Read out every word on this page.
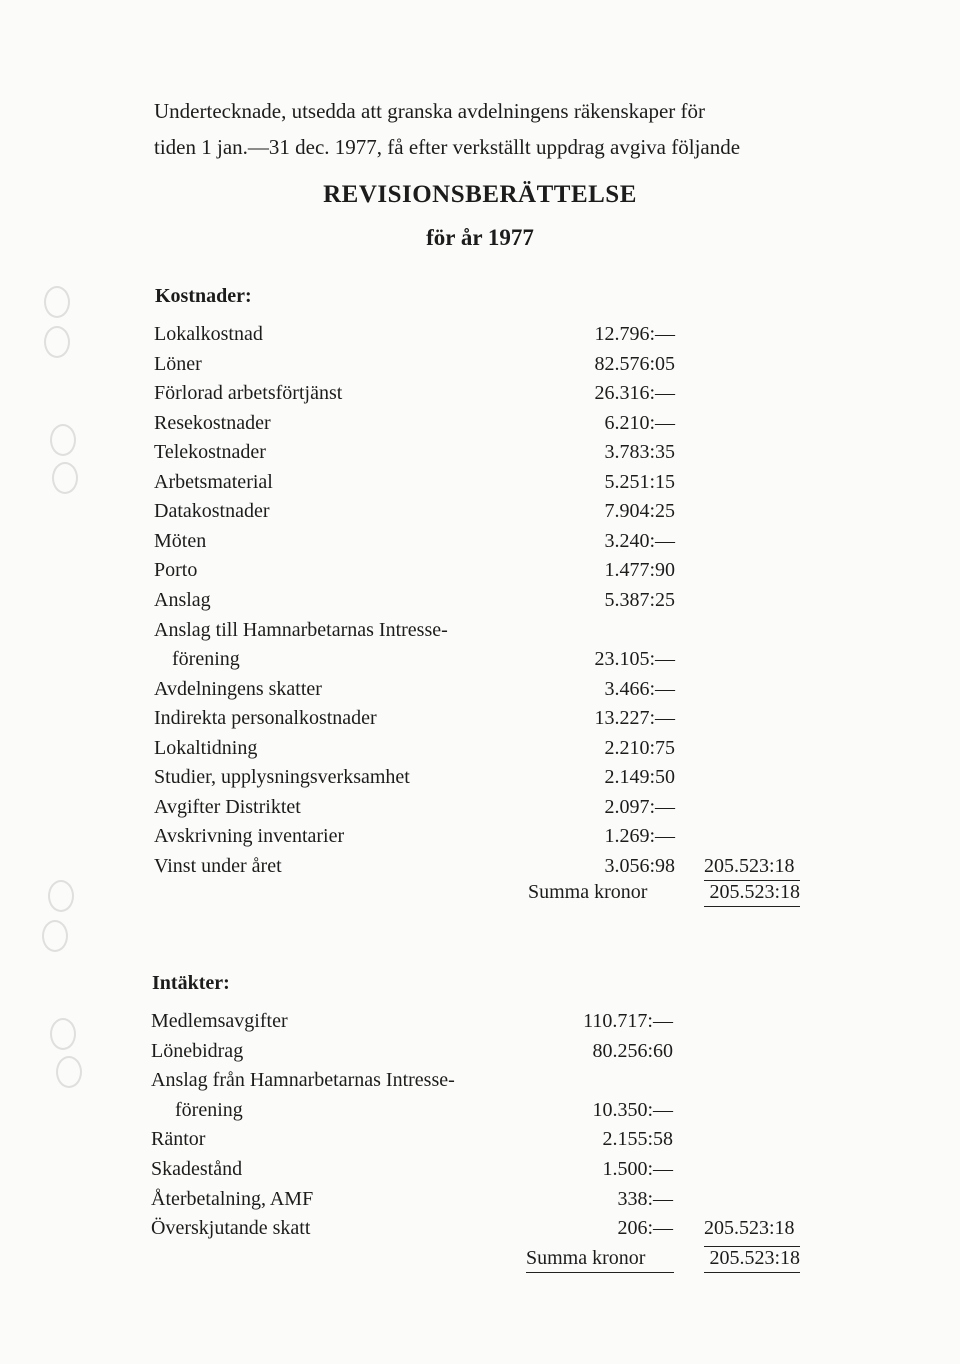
Undertecknade, utsedda att granska avdelningens räkenskaper för

tiden 1 jan.—31 dec. 1977, få efter verkställt uppdrag avgiva följande

REVISIONSBERÄTTELSE
för år 1977
Kostnader:
Lokalkostnad	12.796:—
Löner	82.576:05
Förlorad arbetsförtjänst	26.316:—
Resekostnader	6.210:—
Telekostnader	3.783:35
Arbetsmaterial	5.251:15
Datakostnader	7.904:25
Möten	3.240:—
Porto	1.477:90
Anslag	5.387:25
Anslag till Hamnarbetarnas Intresse-
förening	23.105:—
Avdelningens skatter	3.466:—
Indirekta personalkostnader	13.227:—
Lokaltidning	2.210:75
Studier, upplysningsverksamhet	2.149:50
Avgifter Distriktet	2.097:—
Avskrivning inventarier	1.269:—
Vinst under året	3.056:98 205.523:18
Summa kronor	205.523:18
Intäkter:
Medlemsavgifter	110.717:—
Lönebidrag	80.256:60
Anslag från Hamnarbetarnas Intresse-
förening	10.350:—
Räntor	2.155:58
Skadestånd	1.500:—
Återbetalning, AMF	338:—
Överskjutande skatt	206:— 205.523:18
Summa kronor	205.523:18
